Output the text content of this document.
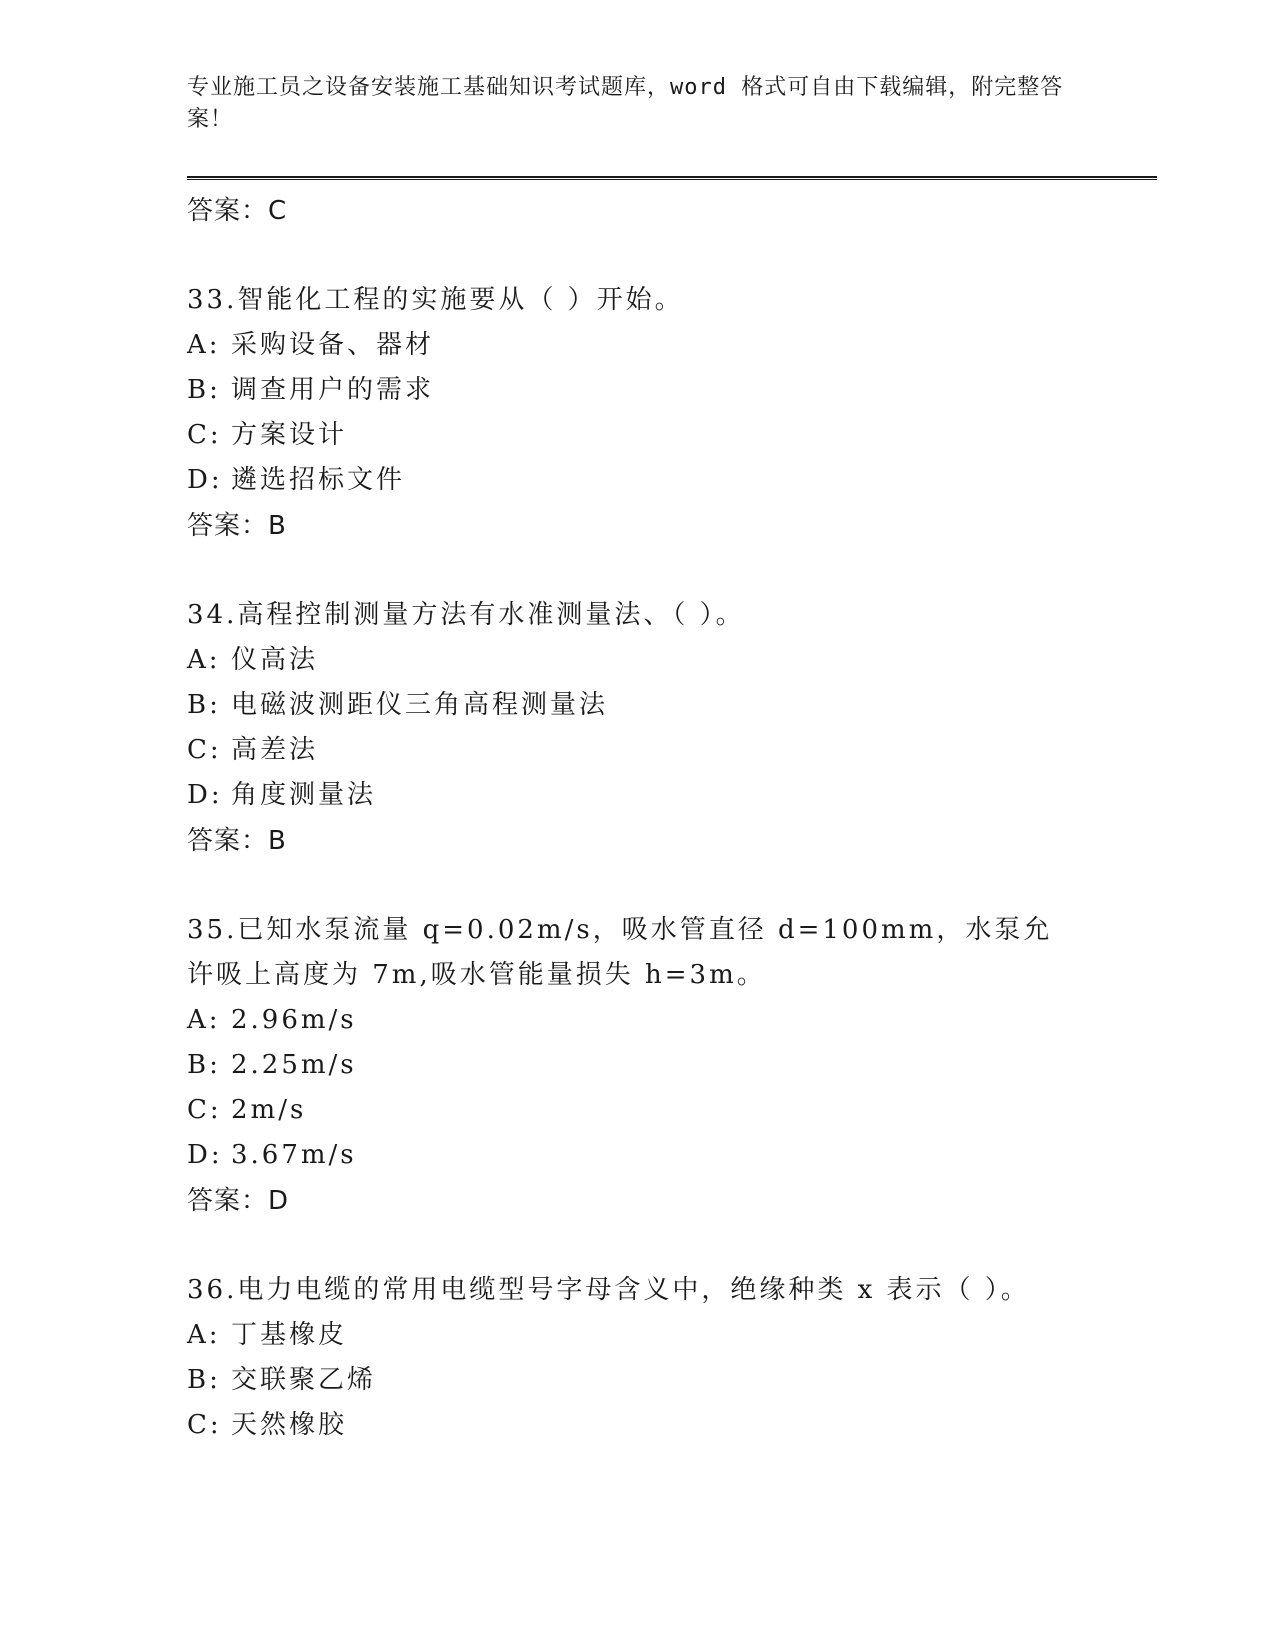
专业施工员之设备安装施工基础知识考试题库，word 格式可自由下载编辑，附完整答案！
答案：C
33.智能化工程的实施要从（ ）开始。
A: 采购设备、器材
B: 调查用户的需求
C: 方案设计
D: 遴选招标文件
答案：B
34.高程控制测量方法有水准测量法、（ ）。
A: 仪高法
B: 电磁波测距仪三角高程测量法
C: 高差法
D: 角度测量法
答案：B
35.已知水泵流量 q=0.02m/s，吸水管直径 d=100mm，水泵允许吸上高度为 7m,吸水管能量损失 h=3m。
A: 2.96m/s
B: 2.25m/s
C: 2m/s
D: 3.67m/s
答案：D
36.电力电缆的常用电缆型号字母含义中，绝缘种类 x 表示（ ）。
A: 丁基橡皮
B: 交联聚乙烯
C: 天然橡胶
